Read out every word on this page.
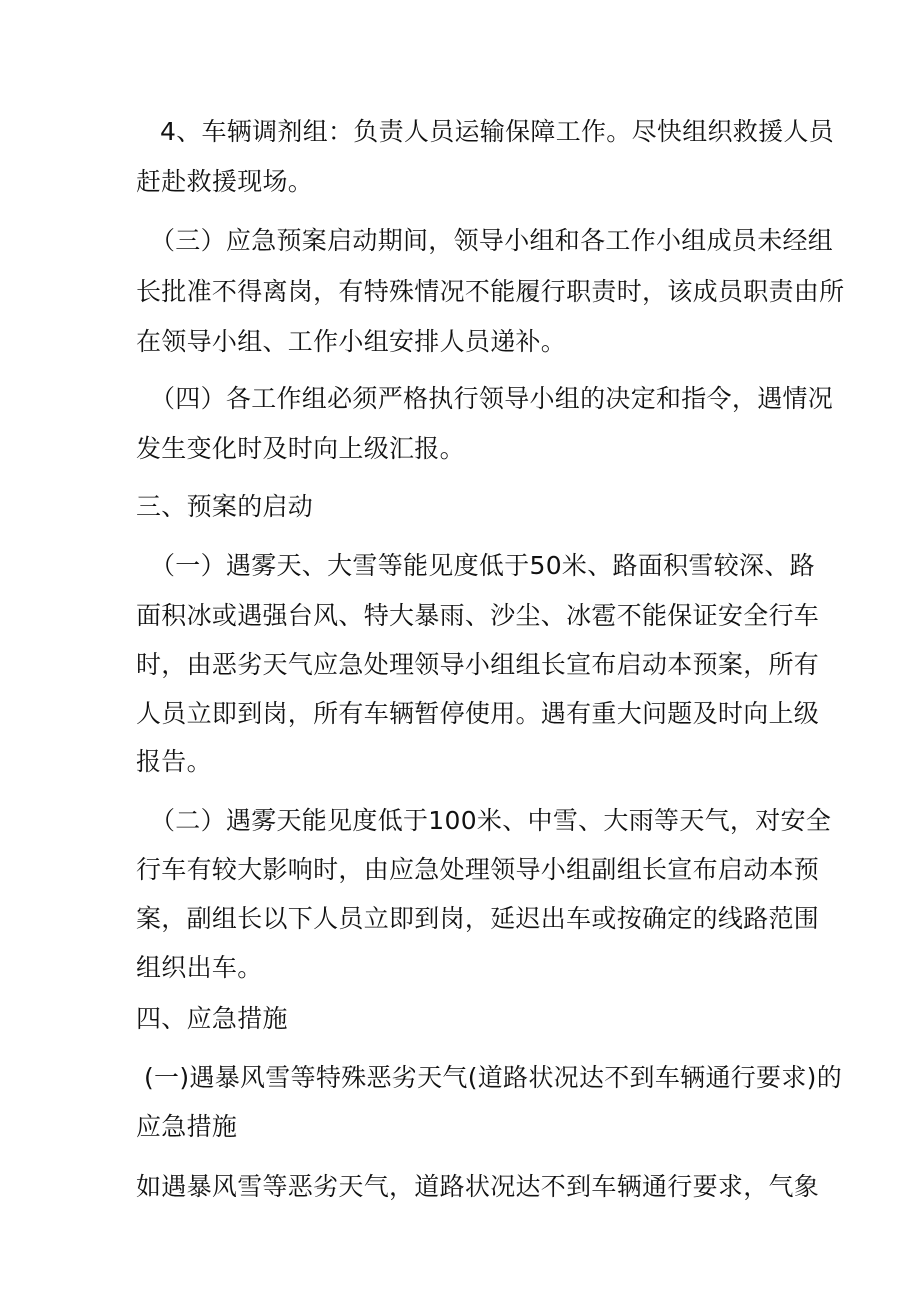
4、车辆调剂组：负责人员运输保障工作。尽快组织救援人员
赶赴救援现场。
（三）应急预案启动期间，领导小组和各工作小组成员未经组
长批准不得离岗，有特殊情况不能履行职责时，该成员职责由所
在领导小组、工作小组安排人员递补。
（四）各工作组必须严格执行领导小组的决定和指令，遇情况
发生变化时及时向上级汇报。
三、预案的启动
（一）遇雾天、大雪等能见度低于50米、路面积雪较深、路
面积冰或遇强台风、特大暴雨、沙尘、冰雹不能保证安全行车
时，由恶劣天气应急处理领导小组组长宣布启动本预案，所有
人员立即到岗，所有车辆暂停使用。遇有重大问题及时向上级
报告。
（二）遇雾天能见度低于100米、中雪、大雨等天气，对安全
行车有较大影响时，由应急处理领导小组副组长宣布启动本预
案，副组长以下人员立即到岗，延迟出车或按确定的线路范围
组织出车。
四、应急措施
(一)遇暴风雪等特殊恶劣天气(道路状况达不到车辆通行要求)的
应急措施
如遇暴风雪等恶劣天气，道路状况达不到车辆通行要求，气象
